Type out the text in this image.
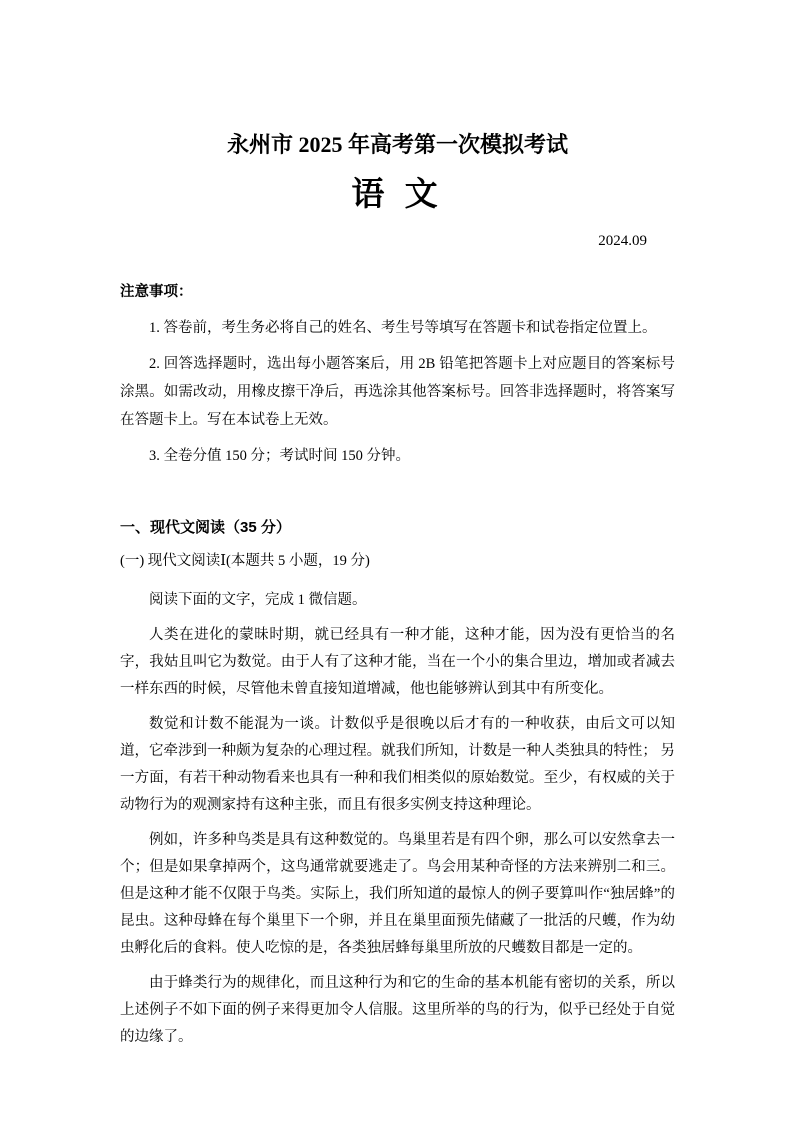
永州市 2025 年高考第一次模拟考试
语 文
2024.09
注意事项：

1. 答卷前，考生务必将自己的姓名、考生号等填写在答题卡和试卷指定位置上。

2. 回答选择题时，选出每小题答案后，用 2B 铅笔把答题卡上对应题目的答案标号涂黑。如需改动，用橡皮擦干净后，再选涂其他答案标号。回答非选择题时，将答案写在答题卡上。写在本试卷上无效。

3. 全卷分值 150 分；考试时间 150 分钟。

一、现代文阅读（35 分）
(一) 现代文阅读Ⅰ(本题共 5 小题，19 分)

阅读下面的文字，完成 1 微信题。

人类在进化的蒙昧时期，就已经具有一种才能，这种才能，因为没有更恰当的名字，我姑且叫它为数觉。由于人有了这种才能，当在一个小的集合里边，增加或者减去一样东西的时候，尽管他未曾直接知道增减，他也能够辨认到其中有所变化。

数觉和计数不能混为一谈。计数似乎是很晚以后才有的一种收获，由后文可以知道，它牵涉到一种颇为复杂的心理过程。就我们所知，计数是一种人类独具的特性； 另一方面，有若干种动物看来也具有一种和我们相类似的原始数觉。至少，有权威的关于动物行为的观测家持有这种主张，而且有很多实例支持这种理论。

例如，许多种鸟类是具有这种数觉的。鸟巢里若是有四个卵，那么可以安然拿去一个；但是如果拿掉两个，这鸟通常就要逃走了。鸟会用某种奇怪的方法来辨别二和三。但是这种才能不仅限于鸟类。实际上，我们所知道的最惊人的例子要算叫作“独居蜂”的昆虫。这种母蜂在每个巢里下一个卵，并且在巢里面预先储藏了一批活的尺蠖，作为幼虫孵化后的食料。使人吃惊的是，各类独居蜂每巢里所放的尺蠖数目都是一定的。

由于蜂类行为的规律化，而且这种行为和它的生命的基本机能有密切的关系，所以上述例子不如下面的例子来得更加令人信服。这里所举的鸟的行为，似乎已经处于自觉的边缘了。
